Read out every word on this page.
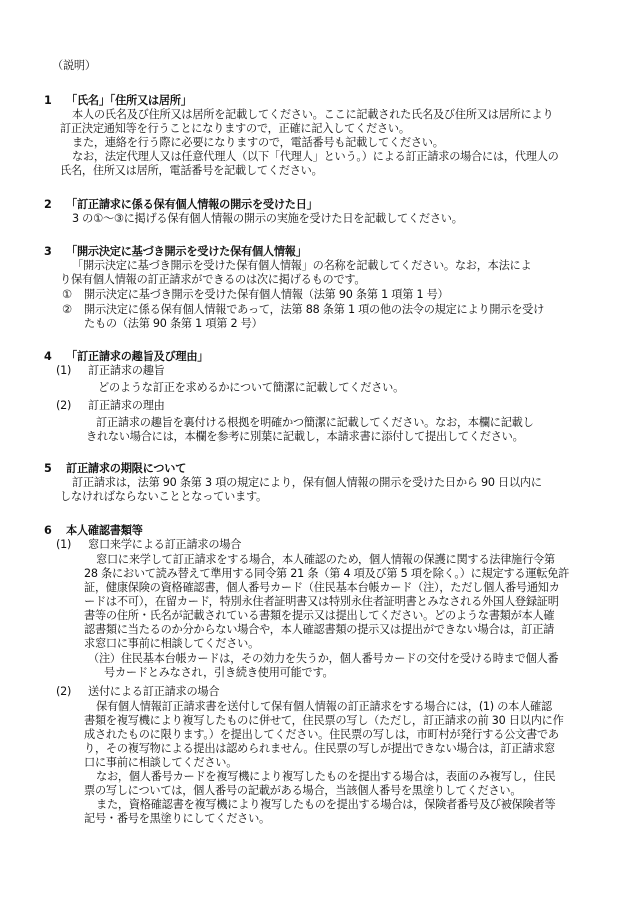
（説明）
1 「氏名」「住所又は居所」
本人の氏名及び住所又は居所を記載してください。ここに記載された氏名及び住所又は居所により
訂正決定通知等を行うことになりますので，正確に記入してください。
また，連絡を行う際に必要になりますので，電話番号も記載してください。
なお，法定代理人又は任意代理人（以下「代理人」という。）による訂正請求の場合には，代理人の
氏名，住所又は居所，電話番号を記載してください。
2 「訂正請求に係る保有個人情報の開示を受けた日」
3 の①～③に掲げる保有個人情報の開示の実施を受けた日を記載してください。
3 「開示決定に基づき開示を受けた保有個人情報」
「開示決定に基づき開示を受けた保有個人情報」の名称を記載してください。なお，本法によ
り保有個人情報の訂正請求ができるのは次に掲げるものです。
① 開示決定に基づき開示を受けた保有個人情報（法第 90 条第 1 項第 1 号）
② 開示決定に係る保有個人情報であって，法第 88 条第 1 項の他の法令の規定により開示を受け
たもの（法第 90 条第 1 項第 2 号）
4 「訂正請求の趣旨及び理由」
(1) 訂正請求の趣旨
どのような訂正を求めるかについて簡潔に記載してください。
(2) 訂正請求の理由
訂正請求の趣旨を裏付ける根拠を明確かつ簡潔に記載してください。なお，本欄に記載し
きれない場合には，本欄を参考に別葉に記載し，本請求書に添付して提出してください。
5 訂正請求の期限について
訂正請求は，法第 90 条第 3 項の規定により，保有個人情報の開示を受けた日から 90 日以内に
しなければならないこととなっています。
6 本人確認書類等
(1) 窓口来学による訂正請求の場合
窓口に来学して訂正請求をする場合，本人確認のため，個人情報の保護に関する法律施行令第
28 条において読み替えて準用する同令第 21 条（第 4 項及び第 5 項を除く。）に規定する運転免許
証，健康保険の資格確認書，個人番号カード（住民基本台帳カード（注），ただし個人番号通知カ
ードは不可），在留カード，特別永住者証明書又は特別永住者証明書とみなされる外国人登録証明
書等の住所・氏名が記載されている書類を提示又は提出してください。どのような書類が本人確
認書類に当たるのか分からない場合や，本人確認書類の提示又は提出ができない場合は，訂正請
求窓口に事前に相談してください。
（注）住民基本台帳カードは，その効力を失うか，個人番号カードの交付を受ける時まで個人番
号カードとみなされ，引き続き使用可能です。
(2) 送付による訂正請求の場合
保有個人情報訂正請求書を送付して保有個人情報の訂正請求をする場合には，(1) の本人確認
書類を複写機により複写したものに併せて，住民票の写し（ただし，訂正請求の前 30 日以内に作
成されたものに限ります。）を提出してください。住民票の写しは，市町村が発行する公文書であ
り，その複写物による提出は認められません。住民票の写しが提出できない場合は，訂正請求窓
口に事前に相談してください。
なお，個人番号カードを複写機により複写したものを提出する場合は，表面のみ複写し，住民
票の写しについては，個人番号の記載がある場合，当該個人番号を黒塗りしてください。
また，資格確認書を複写機により複写したものを提出する場合は，保険者番号及び被保険者等
記号・番号を黒塗りにしてください。
